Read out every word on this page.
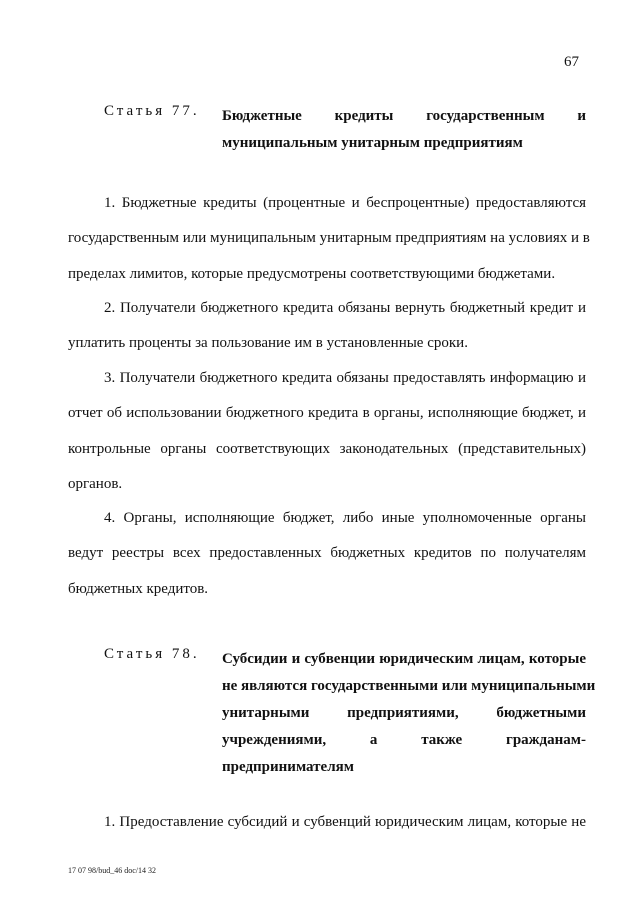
67
Статья 77.	Бюджетные кредиты государственным и
муниципальным унитарным предприятиям
1. Бюджетные кредиты (процентные и беспроцентные) предоставляются
государственным или муниципальным унитарным предприятиям на условиях и в
пределах лимитов, которые предусмотрены соответствующими бюджетами.
2. Получатели бюджетного кредита обязаны вернуть бюджетный кредит и
уплатить проценты за пользование им в установленные сроки.
3. Получатели бюджетного кредита обязаны предоставлять информацию и
отчет об использовании бюджетного кредита в органы, исполняющие бюджет, и
контрольные органы соответствующих законодательных (представительных)
органов.
4. Органы, исполняющие бюджет, либо иные уполномоченные органы
ведут реестры всех предоставленных бюджетных кредитов по получателям
бюджетных кредитов.
Статья 78.	Субсидии и субвенции юридическим лицам, которые
не являются государственными или муниципальными
унитарными	предприятиями,	бюджетными
учреждениями,	а	также	гражданам-
предпринимателям
1. Предоставление субсидий и субвенций юридическим лицам, которые не
17 07 98/bud_46 doc/14 32
